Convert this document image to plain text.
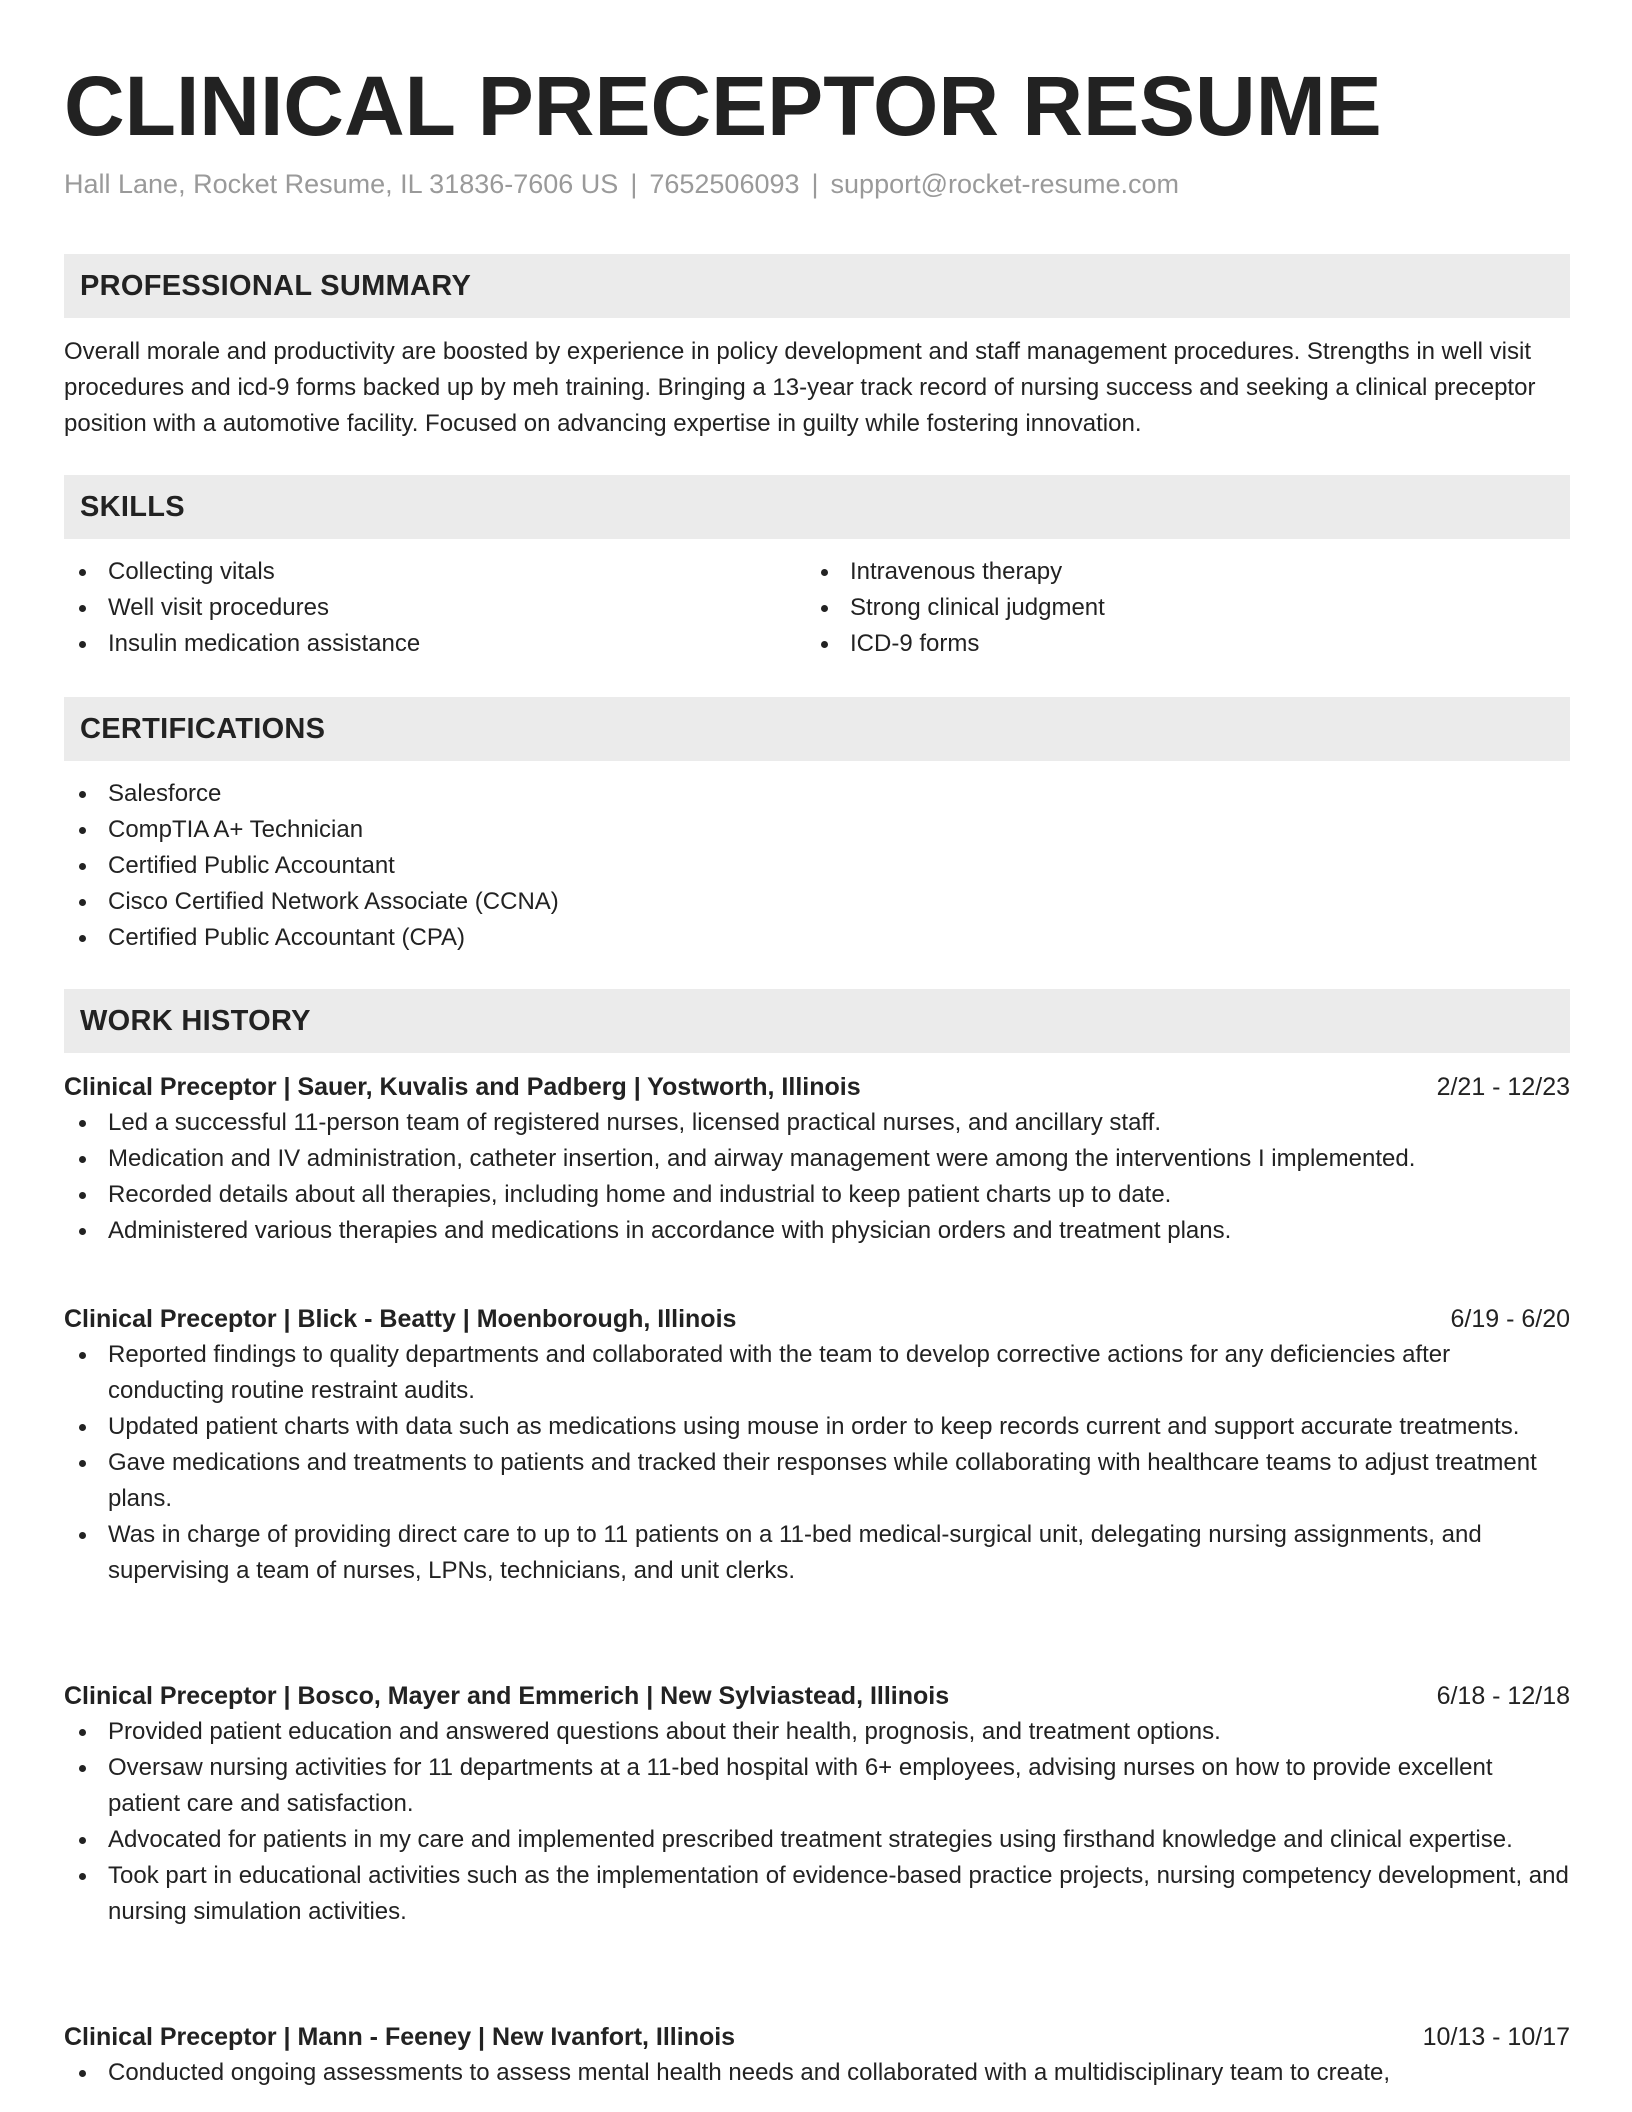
CLINICAL PRECEPTOR RESUME
Hall Lane, Rocket Resume, IL 31836-7606 US | 7652506093 | support@rocket-resume.com
PROFESSIONAL SUMMARY

Overall morale and productivity are boosted by experience in policy development and staff management procedures. Strengths in well visit procedures and icd-9 forms backed up by meh training. Bringing a 13-year track record of nursing success and seeking a clinical preceptor position with a automotive facility. Focused on advancing expertise in guilty while fostering innovation.

SKILLS
Collecting vitals
Well visit procedures
Insulin medication assistance
Intravenous therapy
Strong clinical judgment
ICD-9 forms
CERTIFICATIONS
Salesforce
CompTIA A+ Technician
Certified Public Accountant
Cisco Certified Network Associate (CCNA)
Certified Public Accountant (CPA)
WORK HISTORY
Clinical Preceptor | Sauer, Kuvalis and Padberg | Yostworth, Illinois	2/21 - 12/23
Led a successful 11-person team of registered nurses, licensed practical nurses, and ancillary staff.
Medication and IV administration, catheter insertion, and airway management were among the interventions I implemented.
Recorded details about all therapies, including home and industrial to keep patient charts up to date.
Administered various therapies and medications in accordance with physician orders and treatment plans.
Clinical Preceptor | Blick - Beatty | Moenborough, Illinois	6/19 - 6/20
Reported findings to quality departments and collaborated with the team to develop corrective actions for any deficiencies after conducting routine restraint audits.
Updated patient charts with data such as medications using mouse in order to keep records current and support accurate treatments.
Gave medications and treatments to patients and tracked their responses while collaborating with healthcare teams to adjust treatment plans.
Was in charge of providing direct care to up to 11 patients on a 11-bed medical-surgical unit, delegating nursing assignments, and supervising a team of nurses, LPNs, technicians, and unit clerks.
Clinical Preceptor | Bosco, Mayer and Emmerich | New Sylviastead, Illinois	6/18 - 12/18
Provided patient education and answered questions about their health, prognosis, and treatment options.
Oversaw nursing activities for 11 departments at a 11-bed hospital with 6+ employees, advising nurses on how to provide excellent patient care and satisfaction.
Advocated for patients in my care and implemented prescribed treatment strategies using firsthand knowledge and clinical expertise.
Took part in educational activities such as the implementation of evidence-based practice projects, nursing competency development, and nursing simulation activities.
Clinical Preceptor | Mann - Feeney | New Ivanfort, Illinois	10/13 - 10/17
Conducted ongoing assessments to assess mental health needs and collaborated with a multidisciplinary team to create,
